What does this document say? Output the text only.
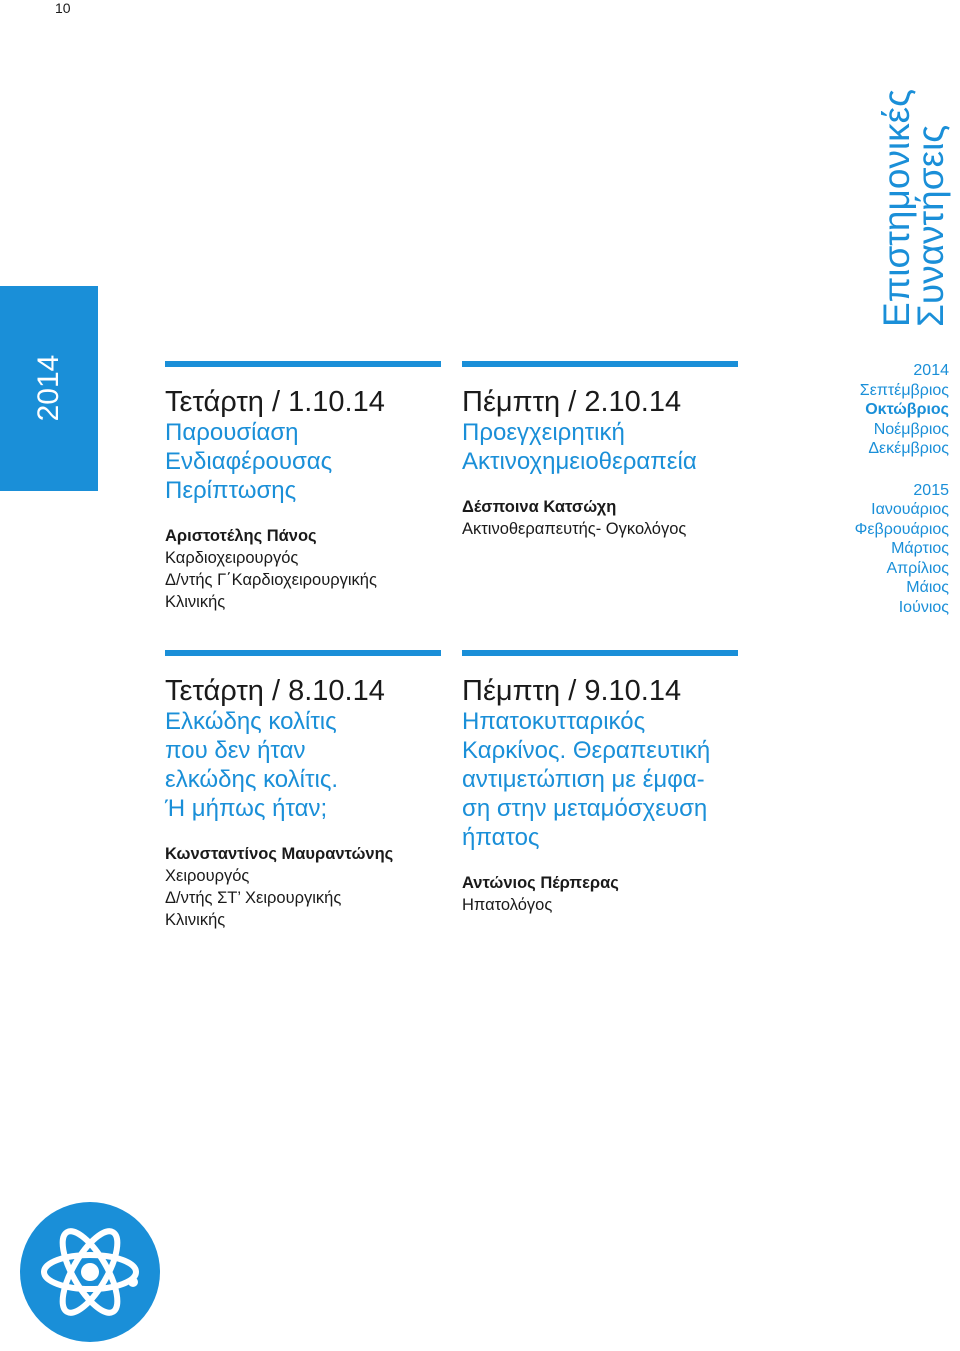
10
2014	Τετάρτη / 1.10.14
Παρουσίαση
Ενδιαφέρουσας
Περίπτωσης
Αριστοτέλης Πάνος
Καρδιοχειρουργός
Δ/ντής Γ΄Καρδιοχειρουργικής
Κλινικής
Πέμπτη / 2.10.14
Προεγχειρητική
Ακτινοχημειοθεραπεία
Δέσποινα Κατσώχη
Ακτινοθεραπευτής- Ογκολόγος
Τετάρτη / 8.10.14
Ελκώδης κολίτις
που δεν ήταν
ελκώδης κολίτις.
Ή μήπως ήταν;
Κωνσταντίνος Μαυραντώνης
Χειρουργός
Δ/ντής ΣΤ’ Χειρουργικής
Κλινικής
Πέμπτη / 9.10.14
Ηπατοκυτταρικός
Καρκίνος. Θεραπευτική
αντιμετώπιση με έμφα-
ση στην μεταμόσχευση
ήπατος
Αντώνιος Πέρπερας
Ηπατολόγος
Επιστημονικές
Συναντήσεις
2014
Σεπτέμβριος
Οκτώβριος
Νοέμβριος
Δεκέμβριος
2015
Ιανουάριος
Φεβρουάριος
Μάρτιος
Απρίλιος
Μάιος
Ιούνιος
